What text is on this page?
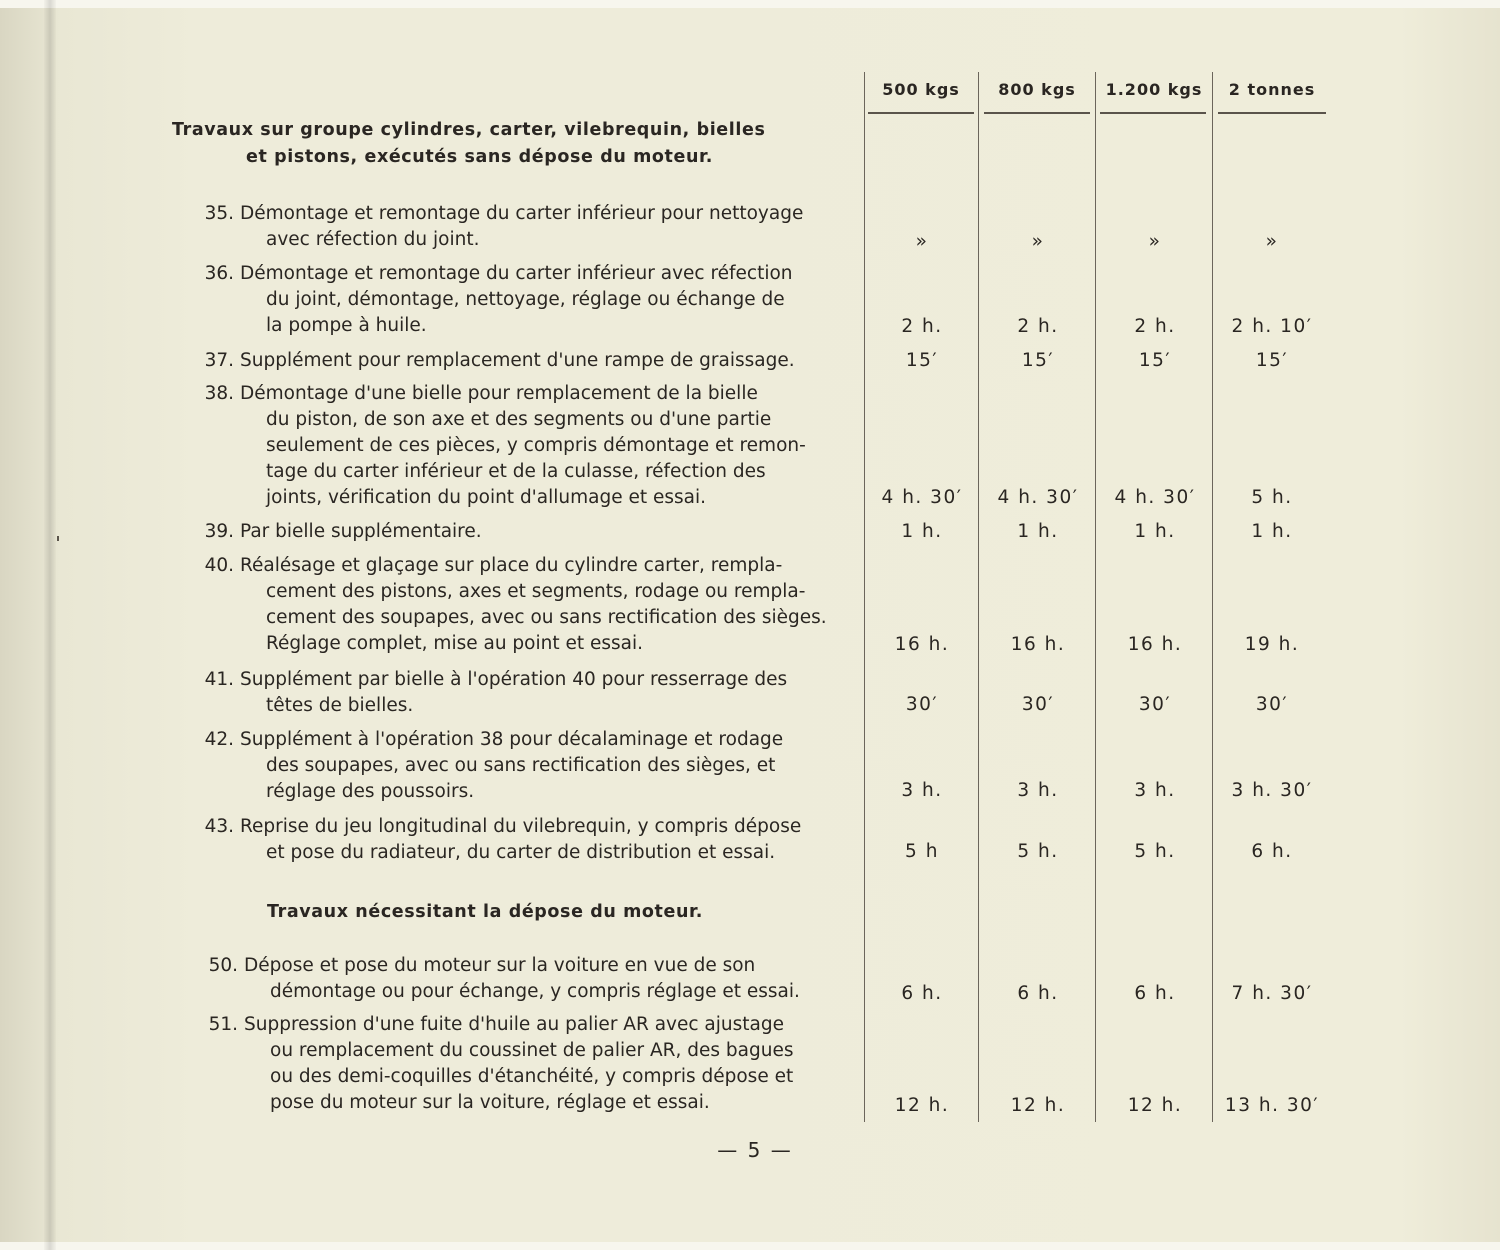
500 kgs	800 kgs	1.200 kgs	2 tonnes
Travaux sur groupe cylindres, carter, vilebrequin, bielles
et pistons, exécutés sans dépose du moteur.
35. Démontage et remontage du carter inférieur pour nettoyage
avec réfection du joint.	»	»	»	»
36. Démontage et remontage du carter inférieur avec réfection
du joint, démontage, nettoyage, réglage ou échange de
la pompe à huile.	2 h.	2 h.	2 h.	2 h. 10′
37. Supplément pour remplacement d'une rampe de graissage.	15′	15′	15′	15′
38. Démontage d'une bielle pour remplacement de la bielle
du piston, de son axe et des segments ou d'une partie
seulement de ces pièces, y compris démontage et remon-
tage du carter inférieur et de la culasse, réfection des
joints, vérification du point d'allumage et essai.	4 h. 30′	4 h. 30′	4 h. 30′	5 h.
39. Par bielle supplémentaire.	1 h.	1 h.	1 h.	1 h.
40. Réalésage et glaçage sur place du cylindre carter, rempla-
cement des pistons, axes et segments, rodage ou rempla-
cement des soupapes, avec ou sans rectification des sièges.
Réglage complet, mise au point et essai.	16 h.	16 h.	16 h.	19 h.
41. Supplément par bielle à l'opération 40 pour resserrage des
têtes de bielles.	30′	30′	30′	30′
42. Supplément à l'opération 38 pour décalaminage et rodage
des soupapes, avec ou sans rectification des sièges, et
réglage des poussoirs.	3 h.	3 h.	3 h.	3 h. 30′
43. Reprise du jeu longitudinal du vilebrequin, y compris dépose
et pose du radiateur, du carter de distribution et essai.	5 h	5 h.	5 h.	6 h.
Travaux nécessitant la dépose du moteur.
50. Dépose et pose du moteur sur la voiture en vue de son
démontage ou pour échange, y compris réglage et essai.	6 h.	6 h.	6 h.	7 h. 30′
51. Suppression d'une fuite d'huile au palier AR avec ajustage
ou remplacement du coussinet de palier AR, des bagues
ou des demi-coquilles d'étanchéité, y compris dépose et
pose du moteur sur la voiture, réglage et essai.	12 h.	12 h.	12 h.	13 h. 30′
— 5 —
